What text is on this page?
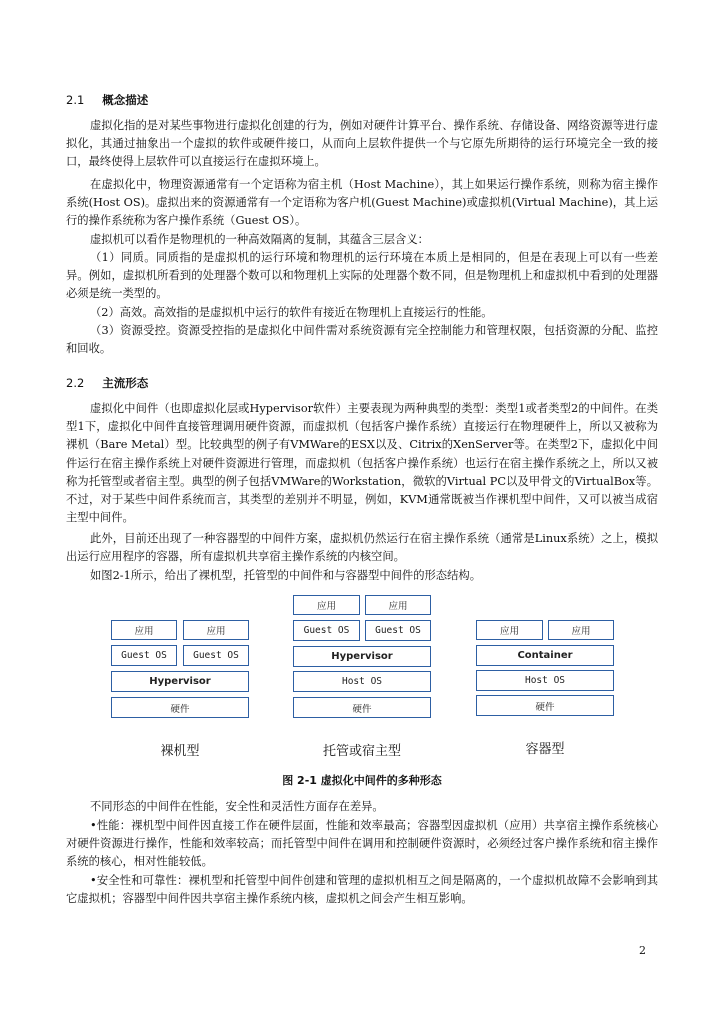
2.1 概念描述

虚拟化指的是对某些事物进行虚拟化创建的行为，例如对硬件计算平台、操作系统、存储设备、网络资源等进行虚拟化，其通过抽象出一个虚拟的软件或硬件接口，从而向上层软件提供一个与它原先所期待的运行环境完全一致的接口，最终使得上层软件可以直接运行在虚拟环境上。

在虚拟化中，物理资源通常有一个定语称为宿主机（Host Machine），其上如果运行操作系统，则称为宿主操作系统(Host OS)。虚拟出来的资源通常有一个定语称为客户机(Guest Machine)或虚拟机(Virtual Machine)，其上运行的操作系统称为客户操作系统（Guest OS）。

虚拟机可以看作是物理机的一种高效隔离的复制，其蕴含三层含义：

（1）同质。同质指的是虚拟机的运行环境和物理机的运行环境在本质上是相同的，但是在表现上可以有一些差异。例如，虚拟机所看到的处理器个数可以和物理机上实际的处理器个数不同，但是物理机上和虚拟机中看到的处理器必须是统一类型的。

（2）高效。高效指的是虚拟机中运行的软件有接近在物理机上直接运行的性能。

（3）资源受控。资源受控指的是虚拟化中间件需对系统资源有完全控制能力和管理权限，包括资源的分配、监控和回收。

2.2 主流形态

虚拟化中间件（也即虚拟化层或Hypervisor软件）主要表现为两种典型的类型：类型1或者类型2的中间件。在类型1下，虚拟化中间件直接管理调用硬件资源，而虚拟机（包括客户操作系统）直接运行在物理硬件上，所以又被称为裸机（Bare Metal）型。比较典型的例子有VMWare的ESX以及、Citrix的XenServer等。在类型2下，虚拟化中间件运行在宿主操作系统上对硬件资源进行管理，而虚拟机（包括客户操作系统）也运行在宿主操作系统之上，所以又被称为托管型或者宿主型。典型的例子包括VMWare的Workstation，微软的Virtual PC以及甲骨文的VirtualBox等。不过，对于某些中间件系统而言，其类型的差别并不明显，例如，KVM通常既被当作裸机型中间件，又可以被当成宿主型中间件。

此外，目前还出现了一种容器型的中间件方案，虚拟机仍然运行在宿主操作系统（通常是Linux系统）之上，模拟出运行应用程序的容器，所有虚拟机共享宿主操作系统的内核空间。

如图2-1所示，给出了裸机型，托管型的中间件和与容器型中间件的形态结构。

应用	应用
Guest OS	Guest OS
Hypervisor
硬件
裸机型
应用	应用
Guest OS	Guest OS
Hypervisor
Host OS
硬件
托管或宿主型
应用	应用
Container
Host OS
硬件
容器型
图 2-1 虚拟化中间件的多种形态

不同形态的中间件在性能，安全性和灵活性方面存在差异。

•性能：裸机型中间件因直接工作在硬件层面，性能和效率最高；容器型因虚拟机（应用）共享宿主操作系统核心对硬件资源进行操作，性能和效率较高；而托管型中间件在调用和控制硬件资源时，必须经过客户操作系统和宿主操作系统的核心，相对性能较低。

•安全性和可靠性：裸机型和托管型中间件创建和管理的虚拟机相互之间是隔离的，一个虚拟机故障不会影响到其它虚拟机；容器型中间件因共享宿主操作系统内核，虚拟机之间会产生相互影响。

2
